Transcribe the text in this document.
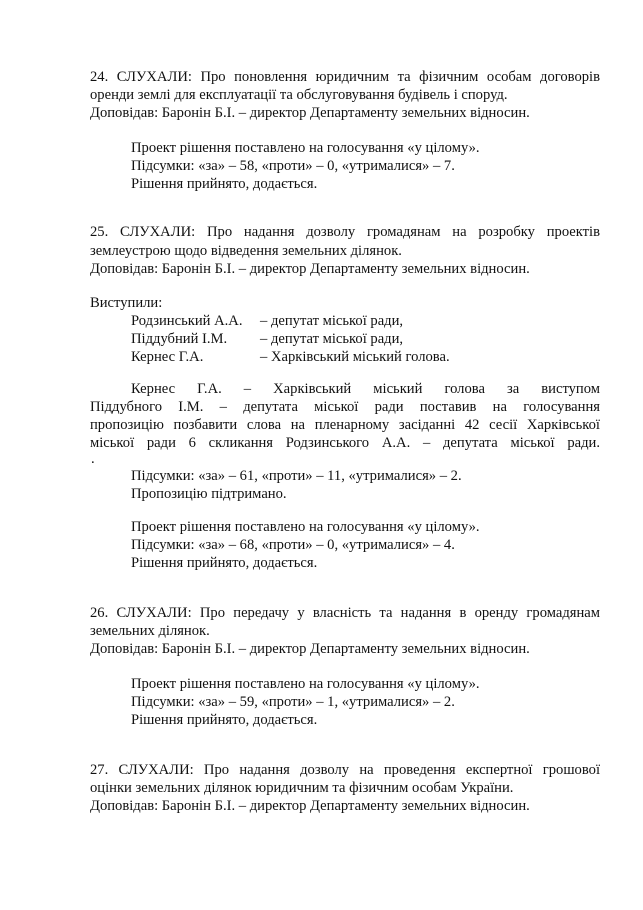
24. СЛУХАЛИ: Про поновлення юридичним та фізичним особам договорів

оренди землі для експлуатації та обслуговування будівель і споруд.

Доповідав: Баронін Б.І. – директор Департаменту земельних відносин.

Проект рішення поставлено на голосування «у цілому».

Підсумки: «за» – 58, «проти» – 0, «утрималися» – 7.

Рішення прийнято, додається.

25. СЛУХАЛИ: Про надання дозволу громадянам на розробку проектів

землеустрою щодо відведення земельних ділянок.

Доповідав: Баронін Б.І. – директор Департаменту земельних відносин.

Виступили:

Родзинський А.А. – депутат міської ради,

Піддубний І.М. – депутат міської ради,

Кернес Г.А.	– Харківський міський голова.

Кернес Г.А. – Харківський міський голова за виступом

Піддубного І.М. – депутата міської ради поставив на голосування

пропозицію позбавити слова на пленарному засіданні 42 сесії Харківської

міської ради 6 скликання Родзинського А.А. – депутата міської ради.

.

Підсумки: «за» – 61, «проти» – 11, «утрималися» – 2.

Пропозицію підтримано.

Проект рішення поставлено на голосування «у цілому».

Підсумки: «за» – 68, «проти» – 0, «утрималися» – 4.

Рішення прийнято, додається.

26. СЛУХАЛИ: Про передачу у власність та надання в оренду громадянам

земельних ділянок.

Доповідав: Баронін Б.І. – директор Департаменту земельних відносин.

Проект рішення поставлено на голосування «у цілому».

Підсумки: «за» – 59, «проти» – 1, «утрималися» – 2.

Рішення прийнято, додається.

27. СЛУХАЛИ: Про надання дозволу на проведення експертної грошової

оцінки земельних ділянок юридичним та фізичним особам України.

Доповідав: Баронін Б.І. – директор Департаменту земельних відносин.
